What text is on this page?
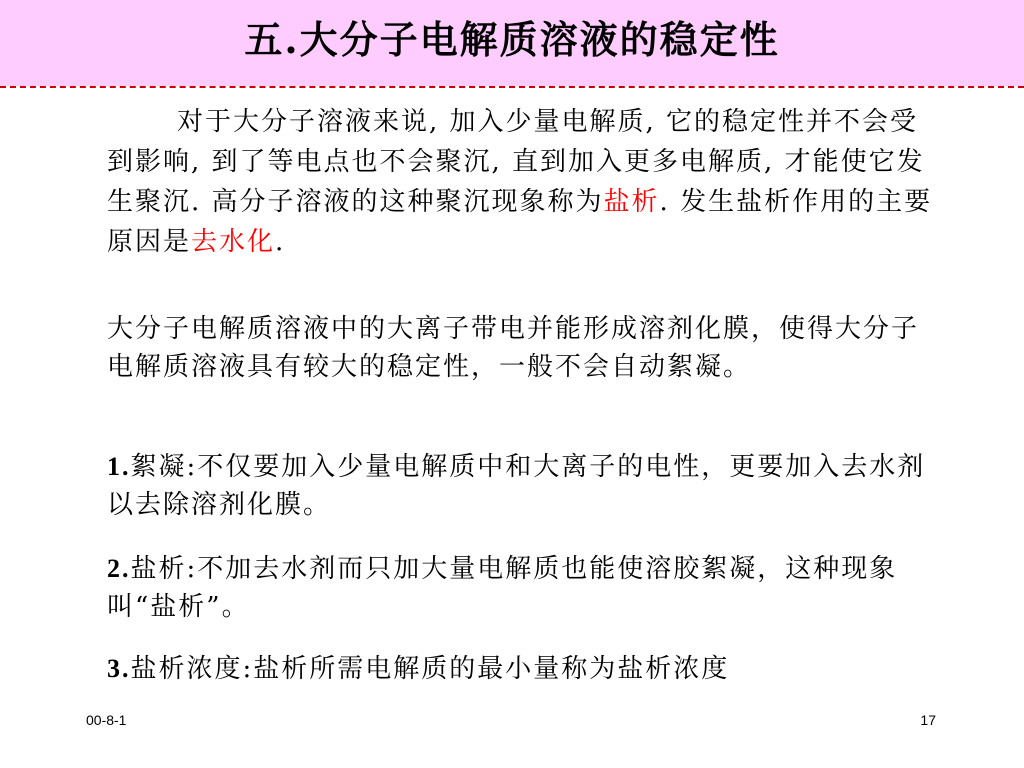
五.大分子电解质溶液的稳定性
对于大分子溶液来说, 加入少量电解质, 它的稳定性并不会受到影响, 到了等电点也不会聚沉, 直到加入更多电解质, 才能使它发生聚沉. 高分子溶液的这种聚沉现象称为盐析. 发生盐析作用的主要原因是去水化.
大分子电解质溶液中的大离子带电并能形成溶剂化膜，使得大分子电解质溶液具有较大的稳定性，一般不会自动絮凝。
1.絮凝:不仅要加入少量电解质中和大离子的电性，更要加入去水剂以去除溶剂化膜。
2.盐析:不加去水剂而只加大量电解质也能使溶胶絮凝，这种现象叫“盐析”。
3.盐析浓度:盐析所需电解质的最小量称为盐析浓度
00-8-1	17
